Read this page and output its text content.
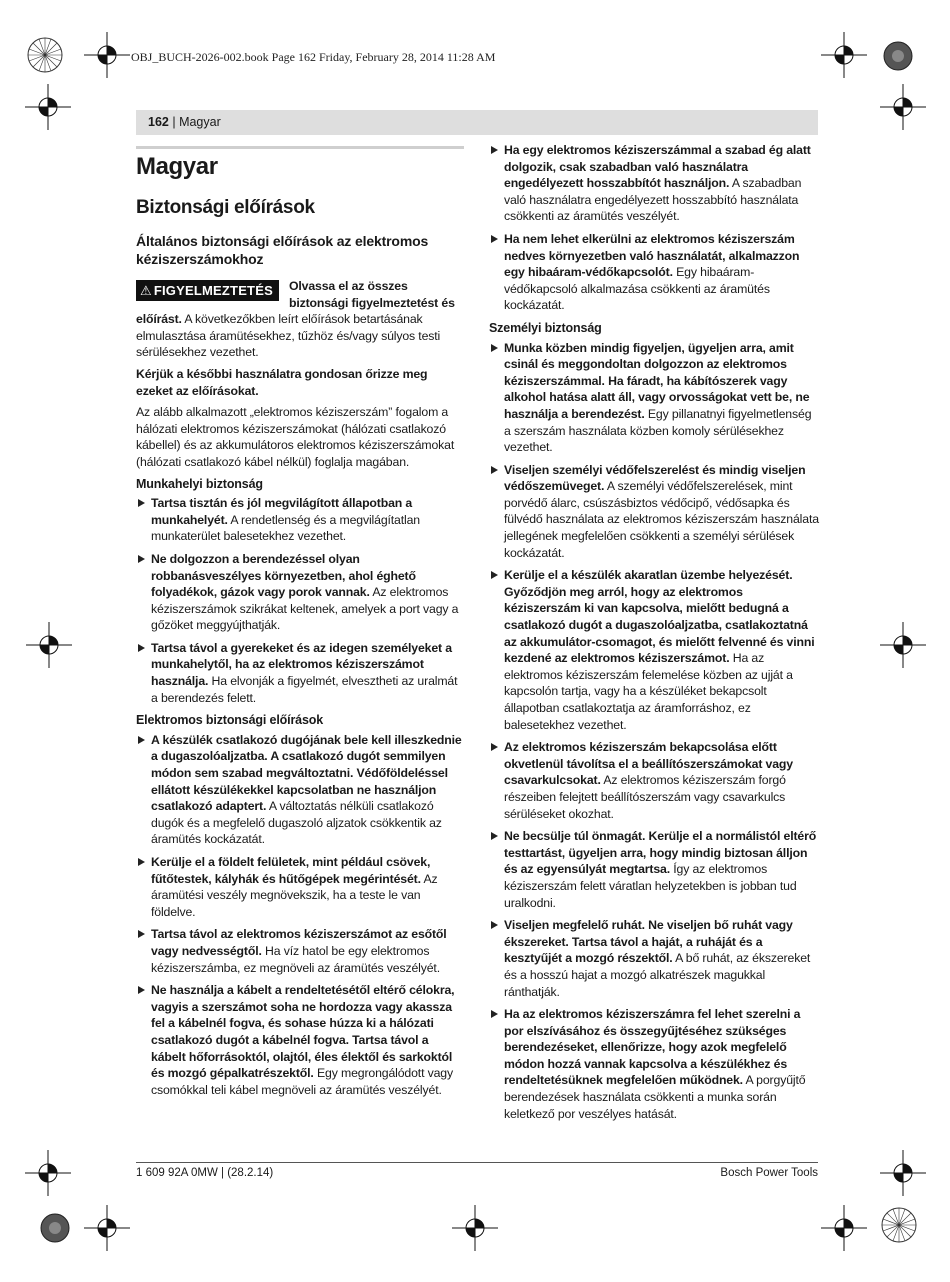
OBJ_BUCH-2026-002.book Page 162 Friday, February 28, 2014 11:28 AM
162 | Magyar
Magyar
Biztonsági előírások
Általános biztonsági előírások az elektromos kéziszerszámokhoz
⚠ FIGYELMEZTETÉS	Olvassa el az összes biztonsági figyelmeztetést és előírást. A következőkben leírt előírások betartásának elmulasztása áramütésekhez, tűzhöz és/vagy súlyos testi sérülésekhez vezethet.

Kérjük a későbbi használatra gondosan őrizze meg ezeket az előírásokat.

Az alább alkalmazott „elektromos kéziszerszám” fogalom a hálózati elektromos kéziszerszámokat (hálózati csatlakozó kábellel) és az akkumulátoros elektromos kéziszerszámokat (hálózati csatlakozó kábel nélkül) foglalja magában.

Munkahelyi biztonság
Tartsa tisztán és jól megvilágított állapotban a munkahelyét. A rendetlenség és a megvilágítatlan munkaterület balesetekhez vezethet.
Ne dolgozzon a berendezéssel olyan robbanásveszélyes környezetben, ahol éghető folyadékok, gázok vagy porok vannak. Az elektromos kéziszerszámok szikrákat keltenek, amelyek a port vagy a gőzöket meggyújthatják.
Tartsa távol a gyerekeket és az idegen személyeket a munkahelytől, ha az elektromos kéziszerszámot használja. Ha elvonják a figyelmét, elvesztheti az uralmát a berendezés felett.
Elektromos biztonsági előírások
A készülék csatlakozó dugójának bele kell illeszkednie a dugaszolóaljzatba. A csatlakozó dugót semmilyen módon sem szabad megváltoztatni. Védőföldeléssel ellátott készülékekkel kapcsolatban ne használjon csatlakozó adaptert. A változtatás nélküli csatlakozó dugók és a megfelelő dugaszoló aljzatok csökkentik az áramütés kockázatát.
Kerülje el a földelt felületek, mint például csövek, fűtőtestek, kályhák és hűtőgépek megérintését. Az áramütési veszély megnövekszik, ha a teste le van földelve.
Tartsa távol az elektromos kéziszerszámot az esőtől vagy nedvességtől. Ha víz hatol be egy elektromos kéziszerszámba, ez megnöveli az áramütés veszélyét.
Ne használja a kábelt a rendeltetésétől eltérő célokra, vagyis a szerszámot soha ne hordozza vagy akassza fel a kábelnél fogva, és sohase húzza ki a hálózati csatlakozó dugót a kábelnél fogva. Tartsa távol a kábelt hőforrásoktól, olajtól, éles élektől és sarkoktól és mozgó gépalkatrészektől. Egy megrongálódott vagy csomókkal teli kábel megnöveli az áramütés veszélyét.
Ha egy elektromos kéziszerszámmal a szabad ég alatt dolgozik, csak szabadban való használatra engedélyezett hosszabbítót használjon. A szabadban való használatra engedélyezett hosszabbító használata csökkenti az áramütés veszélyét.
Ha nem lehet elkerülni az elektromos kéziszerszám nedves környezetben való használatát, alkalmazzon egy hibaáram-védőkapcsolót. Egy hibaáram-védőkapcsoló alkalmazása csökkenti az áramütés kockázatát.
Személyi biztonság
Munka közben mindig figyeljen, ügyeljen arra, amit csinál és meggondoltan dolgozzon az elektromos kéziszerszámmal. Ha fáradt, ha kábítószerek vagy alkohol hatása alatt áll, vagy orvosságokat vett be, ne használja a berendezést. Egy pillanatnyi figyelmetlenség a szerszám használata közben komoly sérülésekhez vezethet.
Viseljen személyi védőfelszerelést és mindig viseljen védőszemüveget. A személyi védőfelszerelések, mint porvédő álarc, csúszásbiztos védőcipő, védősapka és fülvédő használata az elektromos kéziszerszám használata jellegének megfelelően csökkenti a személyi sérülések kockázatát.
Kerülje el a készülék akaratlan üzembe helyezését. Győződjön meg arról, hogy az elektromos kéziszerszám ki van kapcsolva, mielőtt bedugná a csatlakozó dugót a dugaszolóaljzatba, csatlakoztatná az akkumulátor-csomagot, és mielőtt felvenné és vinni kezdené az elektromos kéziszerszámot. Ha az elektromos kéziszerszám felemelése közben az ujját a kapcsolón tartja, vagy ha a készüléket bekapcsolt állapotban csatlakoztatja az áramforráshoz, ez balesetekhez vezethet.
Az elektromos kéziszerszám bekapcsolása előtt okvetlenül távolítsa el a beállítószerszámokat vagy csavarkulcsokat. Az elektromos kéziszerszám forgó részeiben felejtett beállítószerszám vagy csavarkulcs sérüléseket okozhat.
Ne becsülje túl önmagát. Kerülje el a normálistól eltérő testtartást, ügyeljen arra, hogy mindig biztosan álljon és az egyensúlyát megtartsa. Így az elektromos kéziszerszám felett váratlan helyzetekben is jobban tud uralkodni.
Viseljen megfelelő ruhát. Ne viseljen bő ruhát vagy ékszereket. Tartsa távol a haját, a ruháját és a kesztyűjét a mozgó részektől. A bő ruhát, az ékszereket és a hosszú hajat a mozgó alkatrészek magukkal ránthatják.
Ha az elektromos kéziszerszámra fel lehet szerelni a por elszívásához és összegyűjtéséhez szükséges berendezéseket, ellenőrizze, hogy azok megfelelő módon hozzá vannak kapcsolva a készülékhez és rendeltetésüknek megfelelően működnek. A porgyűjtő berendezések használata csökkenti a munka során keletkező por veszélyes hatását.
1 609 92A 0MW | (28.2.14)	Bosch Power Tools
